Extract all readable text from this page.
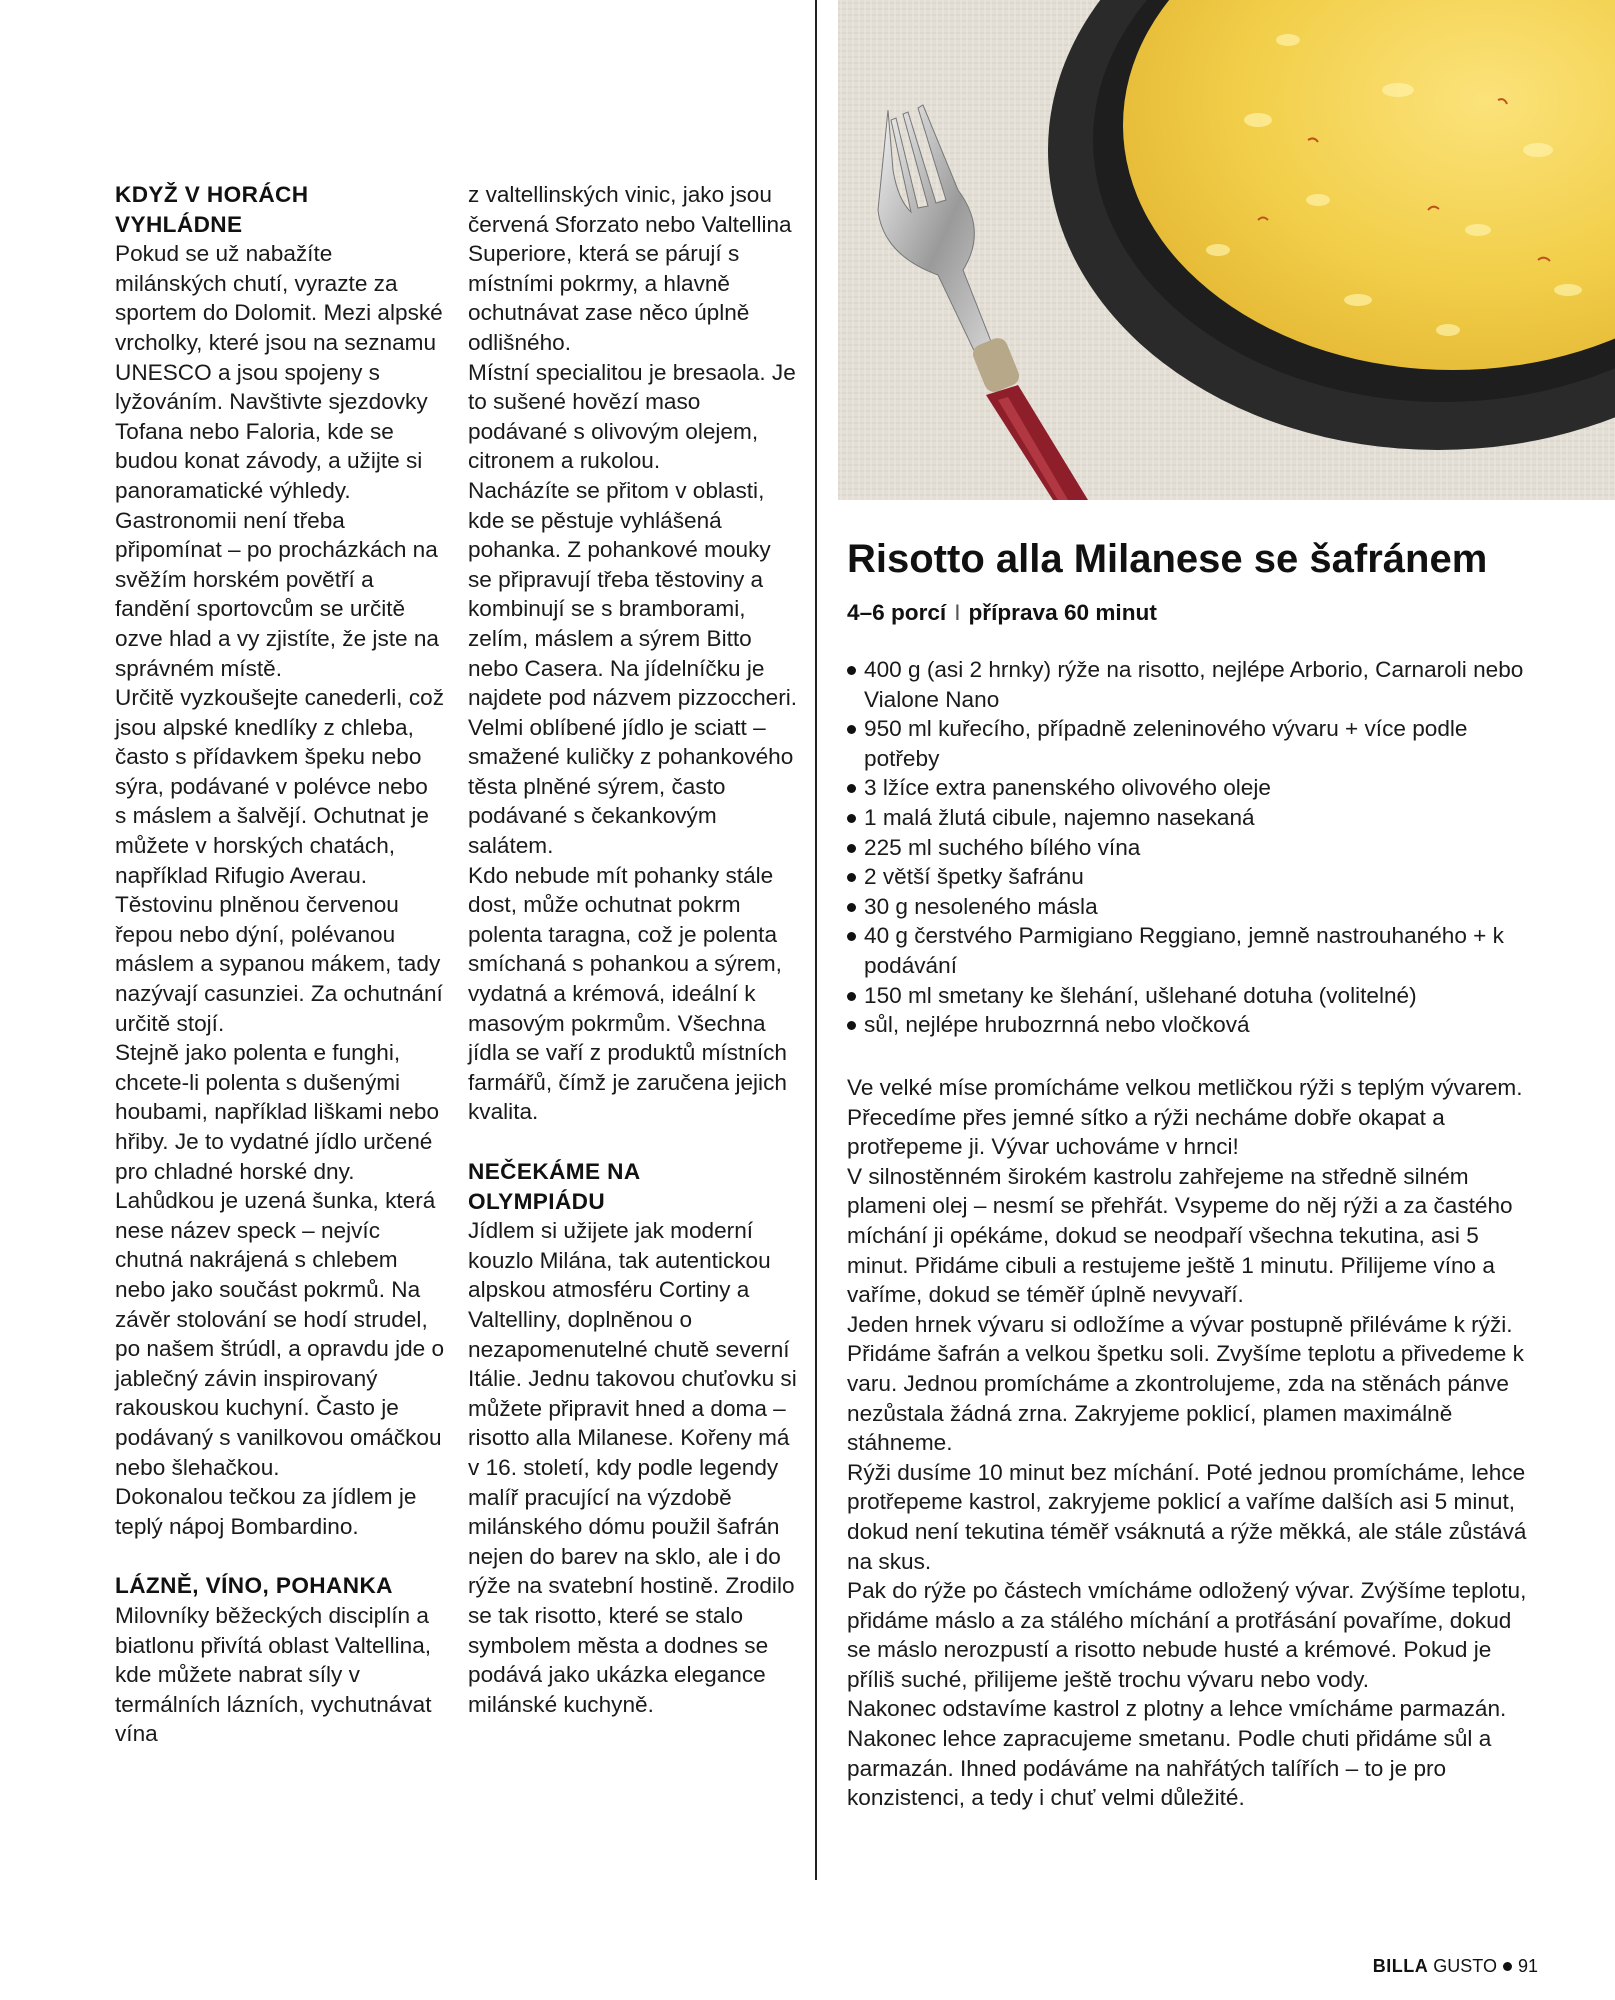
KDYŽ V HORÁCH VYHLÁDNE

Pokud se už nabažíte milánských chutí, vyrazte za sportem do Dolomit. Mezi alpské vrcholky, které jsou na seznamu UNESCO a jsou spojeny s lyžováním. Navštivte sjezdovky Tofana nebo Faloria, kde se budou konat závody, a užijte si panoramatické výhledy.

Gastronomii není třeba připomínat – po procházkách na svěžím horském povětří a fandění sportovcům se určitě ozve hlad a vy zjistíte, že jste na správném místě.

Určitě vyzkoušejte canederli, což jsou alpské knedlíky z chleba, často s přídavkem špeku nebo sýra, podávané v polévce nebo s máslem a šalvějí. Ochutnat je můžete v horských chatách, například Rifugio Averau.

Těstovinu plněnou červenou řepou nebo dýní, polévanou máslem a sypanou mákem, tady nazývají casunziei. Za ochutnání určitě stojí.

Stejně jako polenta e funghi, chcete-li polenta s dušenými houbami, například liškami nebo hřiby. Je to vydatné jídlo určené pro chladné horské dny.

Lahůdkou je uzená šunka, která nese název speck – nejvíc chutná nakrájená s chlebem nebo jako součást pokrmů. Na závěr stolování se hodí strudel, po našem štrúdl, a opravdu jde o jablečný závin inspirovaný rakouskou kuchyní. Často je podávaný s vanilkovou omáčkou nebo šlehačkou.

Dokonalou tečkou za jídlem je teplý nápoj Bombardino.

LÁZNĚ, VÍNO, POHANKA

Milovníky běžeckých disciplín a biatlonu přivítá oblast Valtellina, kde můžete nabrat síly v termálních lázních, vychutnávat vína

z valtellinských vinic, jako jsou červená Sforzato nebo Valtellina Superiore, která se párují s místními pokrmy, a hlavně ochutnávat zase něco úplně odlišného.

Místní specialitou je bresaola. Je to sušené hovězí maso podávané s olivovým olejem, citronem a rukolou.

Nacházíte se přitom v oblasti, kde se pěstuje vyhlášená pohanka. Z pohankové mouky se připravují třeba těstoviny a kombinují se s bramborami, zelím, máslem a sýrem Bitto nebo Casera. Na jídelníčku je najdete pod názvem pizzoccheri.

Velmi oblíbené jídlo je sciatt – smažené kuličky z pohankového těsta plněné sýrem, často podávané s čekankovým salátem.

Kdo nebude mít pohanky stále dost, může ochutnat pokrm polenta taragna, což je polenta smíchaná s pohankou a sýrem, vydatná a krémová, ideální k masovým pokrmům. Všechna jídla se vaří z produktů místních farmářů, čímž je zaručena jejich kvalita.

NEČEKÁME NA OLYMPIÁDU

Jídlem si užijete jak moderní kouzlo Milána, tak autentickou alpskou atmosféru Cortiny a Valtelliny, doplněnou o nezapomenutelné chutě severní Itálie. Jednu takovou chuťovku si můžete připravit hned a doma – risotto alla Milanese. Kořeny má v 16. století, kdy podle legendy malíř pracující na výzdobě milánského dómu použil šafrán nejen do barev na sklo, ale i do rýže na svatební hostině. Zrodilo se tak risotto, které se stalo symbolem města a dodnes se podává jako ukázka elegance milánské kuchyně.

Risotto alla Milanese se šafránem
4–6 porcí I příprava 60 minut
400 g (asi 2 hrnky) rýže na risotto, nejlépe Arborio, Carnaroli nebo Vialone Nano
950 ml kuřecího, případně zeleninového vývaru + více podle potřeby
3 lžíce extra panenského olivového oleje
1 malá žlutá cibule, najemno nasekaná
225 ml suchého bílého vína
2 větší špetky šafránu
30 g nesoleného másla
40 g čerstvého Parmigiano Reggiano, jemně nastrouhaného + k podávání
150 ml smetany ke šlehání, ušlehané dotuha (volitelné)
sůl, nejlépe hrubozrnná nebo vločková

Ve velké míse promícháme velkou metličkou rýži s teplým vývarem. Přecedíme přes jemné sítko a rýži necháme dobře okapat a protřepeme ji. Vývar uchováme v hrnci!

V silnostěnném širokém kastrolu zahřejeme na středně silném plameni olej – nesmí se přehřát. Vsypeme do něj rýži a za častého míchání ji opékáme, dokud se neodpaří všechna tekutina, asi 5 minut. Přidáme cibuli a restujeme ještě 1 minutu. Přilijeme víno a vaříme, dokud se téměř úplně nevyvaří.

Jeden hrnek vývaru si odložíme a vývar postupně přiléváme k rýži. Přidáme šafrán a velkou špetku soli. Zvyšíme teplotu a přivedeme k varu. Jednou promícháme a zkontrolujeme, zda na stěnách pánve nezůstala žádná zrna. Zakryjeme poklicí, plamen maximálně stáhneme.

Rýži dusíme 10 minut bez míchání. Poté jednou promícháme, lehce protřepeme kastrol, zakryjeme poklicí a vaříme dalších asi 5 minut, dokud není tekutina téměř vsáknutá a rýže měkká, ale stále zůstává na skus.

Pak do rýže po částech vmícháme odložený vývar. Zvýšíme teplotu, přidáme máslo a za stálého míchání a protřásání povaříme, dokud se máslo nerozpustí a risotto nebude husté a krémové. Pokud je příliš suché, přilijeme ještě trochu vývaru nebo vody.

Nakonec odstavíme kastrol z plotny a lehce vmícháme parmazán. Nakonec lehce zapracujeme smetanu. Podle chuti přidáme sůl a parmazán. Ihned podáváme na nahřátých talířích – to je pro konzistenci, a tedy i chuť velmi důležité.

BILLA GUSTO 91
